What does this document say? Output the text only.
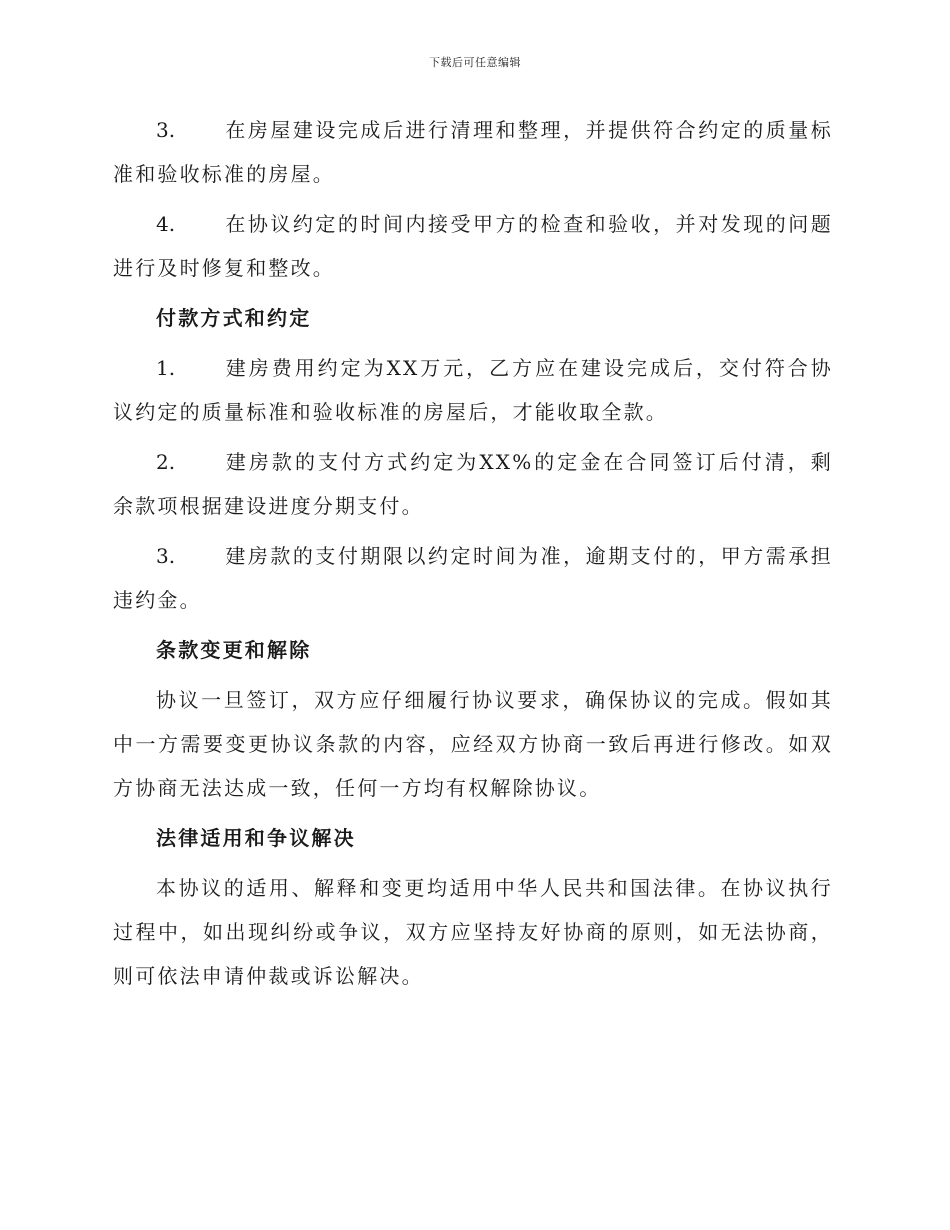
下载后可任意编辑

3. 在房屋建设完成后进行清理和整理，并提供符合约定的质量标准和验收标准的房屋。

4. 在协议约定的时间内接受甲方的检查和验收，并对发现的问题进行及时修复和整改。

付款方式和约定

1. 建房费用约定为XX万元，乙方应在建设完成后，交付符合协议约定的质量标准和验收标准的房屋后，才能收取全款。

2. 建房款的支付方式约定为XX%的定金在合同签订后付清，剩余款项根据建设进度分期支付。

3. 建房款的支付期限以约定时间为准，逾期支付的，甲方需承担违约金。

条款变更和解除

协议一旦签订，双方应仔细履行协议要求，确保协议的完成。假如其中一方需要变更协议条款的内容，应经双方协商一致后再进行修改。如双方协商无法达成一致，任何一方均有权解除协议。

法律适用和争议解决

本协议的适用、解释和变更均适用中华人民共和国法律。在协议执行过程中，如出现纠纷或争议，双方应坚持友好协商的原则，如无法协商，则可依法申请仲裁或诉讼解决。
